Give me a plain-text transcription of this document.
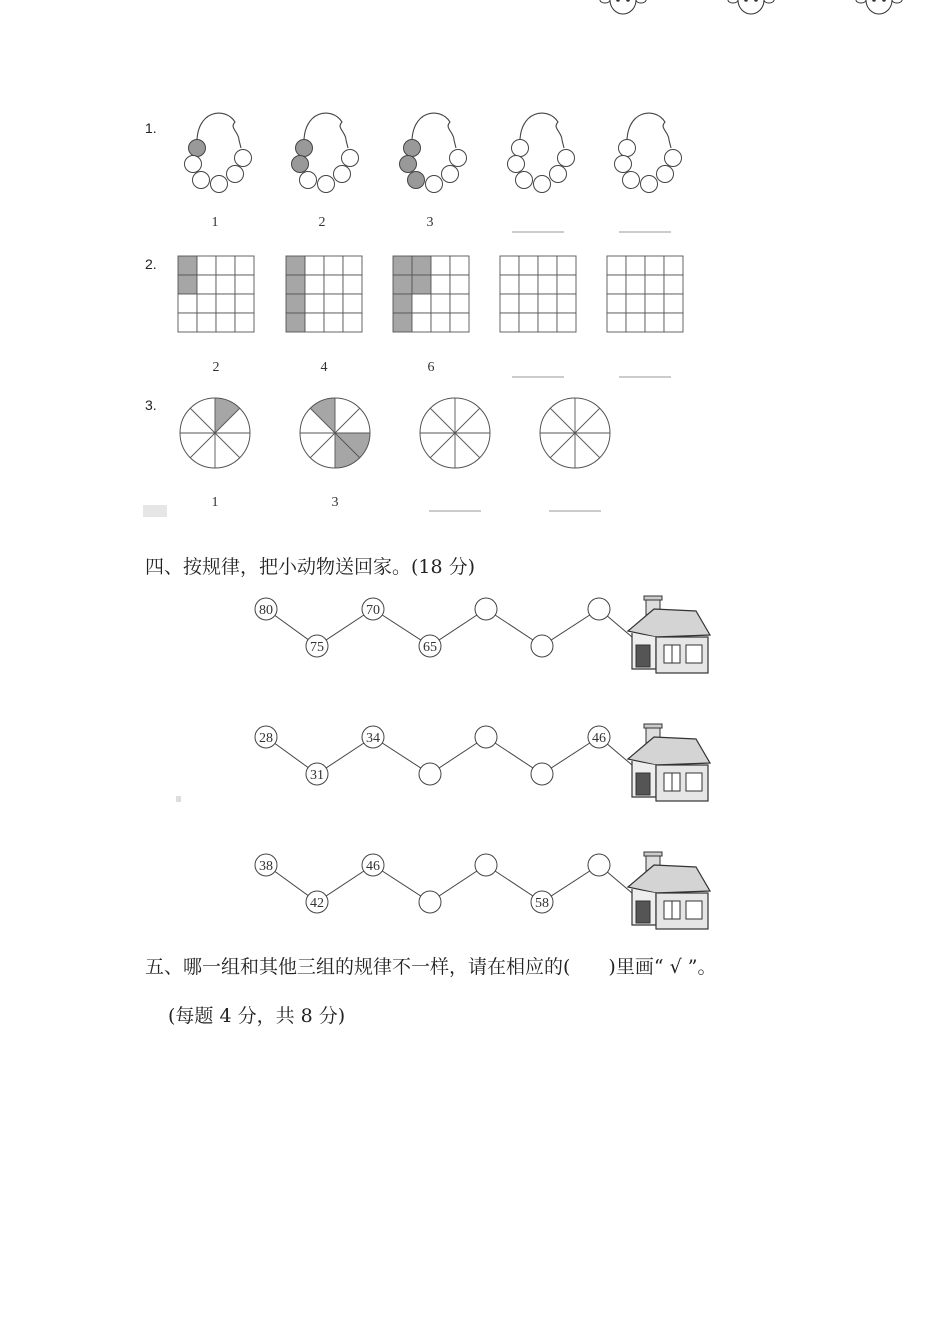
1.
1	2	3
2.
2	4	6
3.
1	3
80
75
70
65
28
31
34	46
38
42
46
58
四、按规律，把小动物送回家。(18 分)
五、哪一组和其他三组的规律不一样，请在相应的(　　)里画“ √ ”。
(每题 4 分，共 8 分)
